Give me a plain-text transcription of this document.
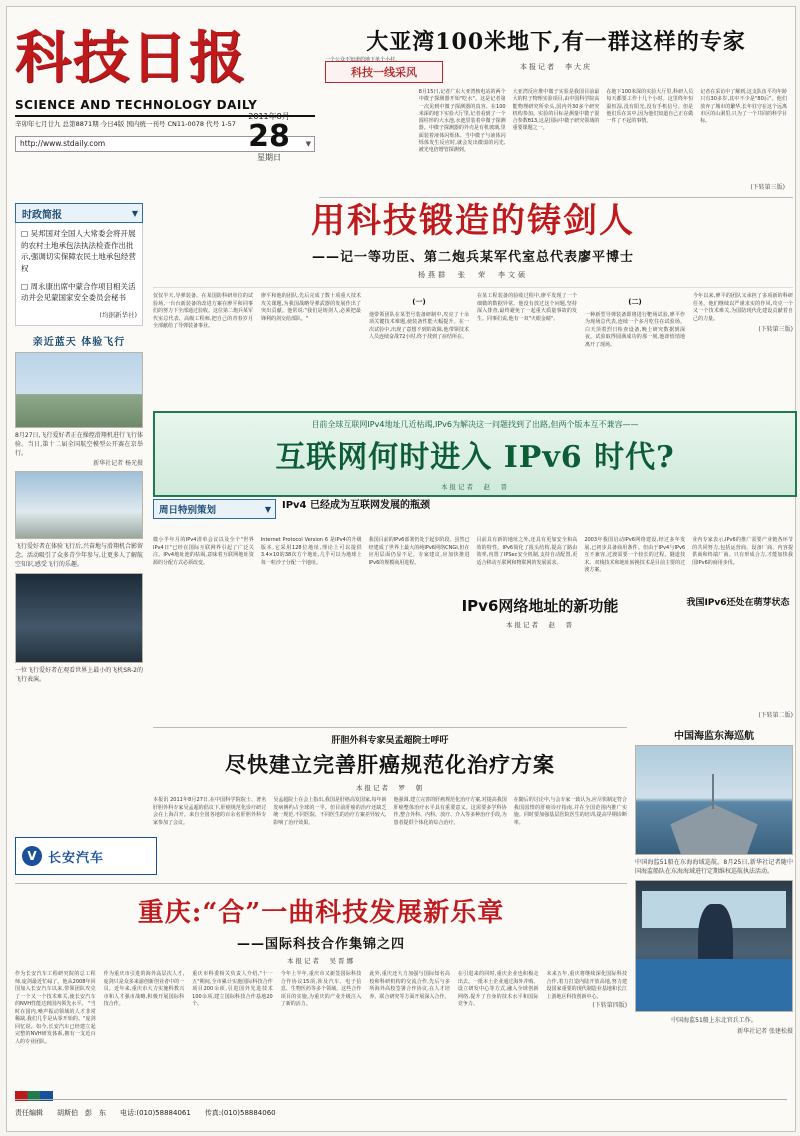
科技日报
SCIENCE AND TECHNOLOGY DAILY
辛卯年七月廿九 总第8871期 今日4版 国内统一刊号 CN11-0078 代号 1-57
http://www.stdaily.com	▼
2011年8月
28
星期日
大亚湾100米地下,有一群这样的专家
本报记者　李大庆
科技一线采风
一个公众不知道的地下单个小村。
8月15日,记者广东大亚湾核电站的两个中微子探测器开始"吃水"。这是记者第一次见到中微子探测器的真容。在100米深的地下实验大厅里,记者看到了一个圆柱形的大水池,水池里装着中微子探测器。中微子探测器的外壳是有机玻璃,里面装着液体闪烁体。当中微子与液体闪烁体发生反应时,就会发出微弱的闪光,被光电倍增管探测到。
大亚湾反应堆中微子实验是我国目前最大的粒子物理实验项目,由中国科学院高能物理研究所牵头,国内外30多个研究机构参加。实验的目标是测量中微子混合参数θ13,这是国际中微子研究领域的重要课题之一。
在地下100米深的实验大厅里,科研人员每天都要工作十几个小时。这里终年恒温恒湿,没有阳光,没有手机信号。但是他们乐在其中,因为他们知道自己正在做一件了不起的事情。
记者在采访中了解到,这支队伍平均年龄只有30多岁,其中不少是"80后"。他们放弃了城市的繁华,长年驻守在这个远离市区的山洞里,只为了一个共同的科学目标。
(下转第三版)
时政简报	▼
□ 吴邦国对全国人大常委会将开展的农村土地承包法执法检查作出批示,强调切实保障农民土地承包经营权
□ 周永康出席中蒙合作项目相关活动并会见蒙国家安全委员会秘书
(均据新华社)
亲近蓝天 体验飞行
8月27日,飞行爱好者正在操控滑翔机进行飞行体验。当日,第十二届全国航空模型公开赛在京举行。
新华社记者 杨光摄
飞行爱好者在体验飞行后,兴奋地与滑翔机合影留念。活动吸引了众多青少年参与,让更多人了解航空知识,感受飞行的乐趣。
一位飞行爱好者在观看世界上最小的飞机SR-2的飞行表演。
用科技锻造的铸剑人
——记一等功臣、第二炮兵某军代室总代表廖平博士
杨燕群　张　荣　李文硕
仅仅半天,导弹装备、在某国防科研单位的试验场,一台台新装备的改进方案在廖平和同事们的努力下全部通过验收。这位第二炮兵某军代室总代表、高级工程师,把自己的青春岁月全部献给了导弹装备事业。
廖平和他的团队,先后完成了数十项重大技术攻关课题,为我国战略导弹武器的发展作出了突出贡献。他常说:"我们是铸剑人,必须把最锋利的剑交给部队。"
(一)
他带领团队在某型号装备研制中,攻克了十余项关键技术难题,使装备性能大幅提升。在一次试验中,出现了意想不到的故障,他带领技术人员连续奋战72小时,终于找到了症结所在。
在某工程装备的验收过程中,廖平发现了一个细微的数据异常。他没有放过这个问题,坚持深入排查,最终避免了一起重大质量事故的发生。同事们说,他有一双"火眼金睛"。
(二)
一种新型导弹装备即将进行靶场试验,廖平作为现场总代表,连续一个多月吃住在试验场。白天顶着烈日检查设备,晚上研究数据到深夜。试验取得圆满成功的那一刻,他却悄悄地离开了现场。
今年以来,廖平的团队又承担了多项新的科研任务。他们继续以严谨求实的作风,攻克一个又一个技术难关,为国防现代化建设贡献着自己的力量。
(下转第三版)
目前全球互联网IPv4地址几近枯竭,IPv6为解决这一问题找到了出路,但两个版本互不兼容——
互联网何时进入 IPv6 时代?
本报记者　赵　晋
周日特别策划	▼ IPv4 已经成为互联网发展的瓶颈
微小半年月的IPv4清单会议以及全个"世界IPv4日"已经在国际互联网界引起了广泛关注。IPv4地址池的枯竭,意味着互联网地址资源的分配方式必须改变。
Internet Protocol Version 6 是IPv4的升级版本,它采用128位地址,理论上可以提供3.4×10的38次方个地址,几乎可以为地球上每一粒沙子分配一个地址。
我国目前的IPv6部署仍处于起步阶段。虽然已经建成了世界上最大的纯IPv6网络CNGI,但在应用层面仍显不足。专家建议,应加快推进IPv6的规模商用进程。
目前具有新的地址之外,还具有更加安全和高效的特性。IPv6简化了报头结构,提高了路由效率,内置了IPSec安全机制,支持自动配置,更适合移动互联网和物联网的发展需求。
2003年我国启动IPv6网络建设,经过多年发展,已初步具备商用条件。但由于IPv4与IPv6互不兼容,过渡需要一个较长的过程。隧道技术、双栈技术和地址转换技术是目前主要的过渡方案。
业内专家表示,IPv6的推广需要产业链各环节的共同努力,包括运营商、设备厂商、内容提供商和终端厂商。只有形成合力,才能加快我国IPv6的商用步伐。
IPv6网络地址的新功能
本报记者　赵　晋
我国IPv6还处在萌芽状态
(下转第二版)
肝胆外科专家吴孟超院士呼吁
尽快建立完善肝癌规范化治疗方案
本报记者　罗　朝
本报讯 2011年8月27日,在中国科学院院士、著名肝胆外科专家吴孟超的倡议下,肝癌规范化诊疗研讨会在上海召开。来自全国各地的百余名肝胆外科专家参加了会议。
吴孟超院士在会上指出,我国是肝癌高发国家,每年新发病例约占全球的一半。但目前肝癌的治疗还缺乏统一规范,不同医院、不同医生的治疗方案差异较大,影响了治疗效果。
他强调,建立完善的肝癌规范化治疗方案,对提高我国肝癌整体治疗水平具有重要意义。这需要多学科协作,整合外科、内科、放疗、介入等多种治疗手段,为患者提供个体化的综合治疗。
在随后的讨论中,与会专家一致认为,应尽快制定符合我国国情的肝癌诊疗指南,并在全国范围内推广实施。同时要加强基层医院医生的培训,提高早期诊断率。
中国海监东海巡航
中国海监51船在东海海域巡航。8月25日,新华社记者随中国海监船队在东海海域进行定期维权巡航执法活动。
中国海监51船上东北官兵工作。
新华社记者 张建松摄
V 长安汽车
重庆:“合”一曲科技发展新乐章
——国际科技合作集锦之四
本报记者　吴晋娜
作为长安汽车工程研究院的总工程师,庞剑最近忙碌了。他从2008年回国加入长安汽车以来,带领团队攻克了一个又一个技术难关,使长安汽车的NVH性能达到国内领先水平。 "当时在国内,噪声振动领域的人才非常稀缺,我们几乎是从零开始的。"庞剑回忆说。如今,长安汽车已经建立起完整的NVH研发体系,拥有一支近百人的专业团队。
作为重庆市引进的海外高层次人才,庞剑只是众多来渝创新创业者中的一员。近年来,重庆市大力实施科教兴市和人才强市战略,积极开展国际科技合作。
重庆市科委相关负责人介绍,"十一五"期间,全市累计实施国际科技合作项目200余项,引进国外先进技术100余项,建立国际科技合作基地20个。
今年上半年,重庆市又新签国际科技合作协议15项,涉及汽车、电子信息、生物医药等多个领域。这些合作项目的实施,为重庆的产业升级注入了新的活力。
此外,重庆还大力加强与国际知名高校和科研机构的交流合作,先后与多所海外高校签署合作协议,在人才培养、联合研究等方面开展深入合作。
在引进来的同时,重庆企业也积极走出去。一批本土企业通过海外并购、设立研发中心等方式,融入全球创新网络,提升了自身的技术水平和国际竞争力。
未来五年,重庆将继续深化国际科技合作,着力打造内陆开放高地,努力建设国家重要的现代制造业基地和长江上游地区科技创新中心。
(下转第四版)
责任编辑 胡斯伯　彭　东 电话:(010)58884061 传真:(010)58884060
